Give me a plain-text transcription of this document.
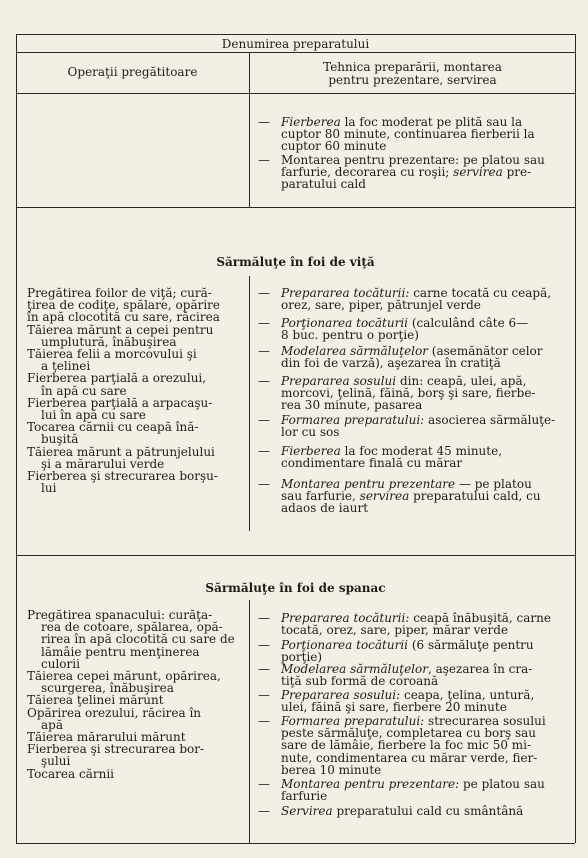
Denumirea preparatului
Operaţii pregătitoare	Tehnica preparării, montarea
pentru prezentare, servirea
— Fierberea la foc moderat pe plită sau la
cuptor 80 minute, continuarea fierberii la
cuptor 60 minute
— Montarea pentru prezentare: pe platou sau
farfurie, decorarea cu roşii; servirea pre-
paratului cald
Sărmăluţe în foi de viţă
Pregătirea foilor de viţă; cură-
ţirea de codiţe, spălare, opărire
în apă clocotită cu sare, răcirea
Tăierea mărunt a cepei pentru
umplutură, înăbuşirea
Tăierea felii a morcovului şi
a ţelinei
Fierberea parţială a orezului,
în apă cu sare
Fierberea parţială a arpacaşu-
lui în apă cu sare
Tocarea cărnii cu ceapă înă-
buşită
Tăierea mărunt a pătrunjelului
şi a mărarului verde
Fierberea şi strecurarea borşu-
lui
— Prepararea tocăturii: carne tocată cu ceapă,
orez, sare, piper, pătrunjel verde
— Porţionarea tocăturii (calculând câte 6—
8 buc. pentru o porţie)
— Modelarea sărmăluţelor (asemănător celor
din foi de varză), aşezarea în cratiţă
— Prepararea sosului din: ceapă, ulei, apă,
morcovi, ţelină, făină, borş şi sare, fierbe-
rea 30 minute, pasarea
— Formarea preparatului: asocierea sărmăluţe-
lor cu sos
— Fierberea la foc moderat 45 minute,
condimentare finală cu mărar
— Montarea pentru prezentare — pe platou
sau farfurie, servirea preparatului cald, cu
adaos de iaurt
Sărmăluţe în foi de spanac
Pregătirea spanacului: curăţa-
rea de cotoare, spălarea, opă-
rirea în apă clocotită cu sare de
lămâie pentru menţinerea
culorii
Tăierea cepei mărunt, opărirea,
scurgerea, înăbuşirea
Tăierea ţelinei mărunt
Opărirea orezului, răcirea în
apă
Tăierea mărarului mărunt
Fierberea şi strecurarea bor-
şului
Tocarea cărnii
— Prepararea tocăturii: ceapă înăbuşită, carne
tocată, orez, sare, piper, mărar verde
— Porţionarea tocăturii (6 sărmăluţe pentru
porţie)
— Modelarea sărmăluţelor, aşezarea în cra-
tiţă sub formă de coroană
— Prepararea sosului: ceapa, ţelina, untură,
ulei, făină şi sare, fierbere 20 minute
— Formarea preparatului: strecurarea sosului
peste sărmăluţe, completarea cu borş sau
sare de lămâie, fierbere la foc mic 50 mi-
nute, condimentarea cu mărar verde, fier-
berea 10 minute
— Montarea pentru prezentare: pe platou sau
farfurie
— Servirea preparatului cald cu smântână
